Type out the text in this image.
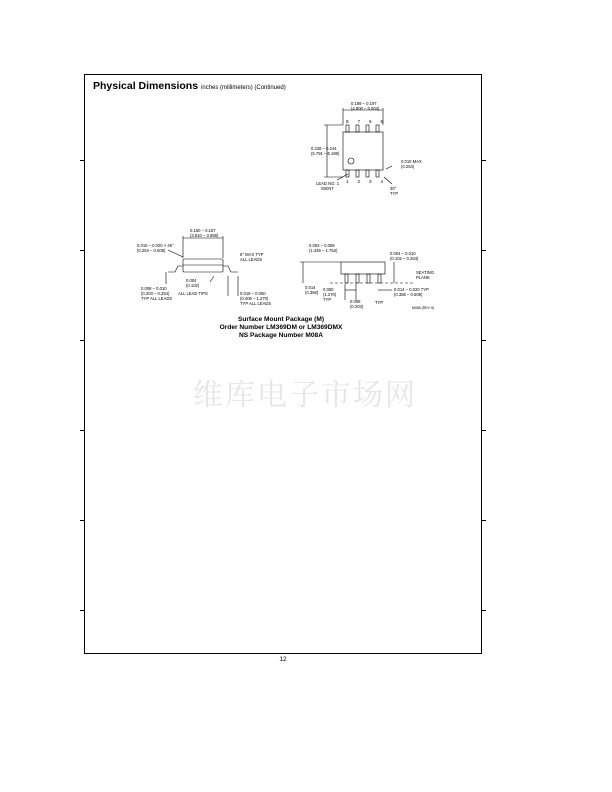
Physical Dimensions inches (millimeters) (Continued)
0.189 – 0.197
(4.800 – 5.004)
8 7 6 5
1 2 3 4
0.228 – 0.244
(5.791 – 6.198)
LEAD NO. 1
IDENT
0.010 MAX
(0.254)
30°
TYP
0.150 – 0.157
(3.810 – 3.988)
0.010 – 0.020 × 45°
(0.254 – 0.508)
8° MAX TYP
ALL LEADS
0.004
(0.102)
ALL LEAD TIPS
0.008 – 0.010
(0.203 – 0.254)
TYP ALL LEADS
0.016 – 0.050
(0.406 – 1.270)
TYP ALL LEADS
0.053 – 0.069
(1.346 – 1.753)
0.004 – 0.010
(0.102 – 0.254)
SEATING
PLANE
0.014
(0.356)
0.050
(1.270)
TYP	0.008
(0.203)
TYP
0.014 – 0.020 TYP
(0.356 – 0.508)
M08A (REV H)
Surface Mount Package (M)
Order Number LM369DM or LM369DMX
NS Package Number M08A
维库电子市场网
12
